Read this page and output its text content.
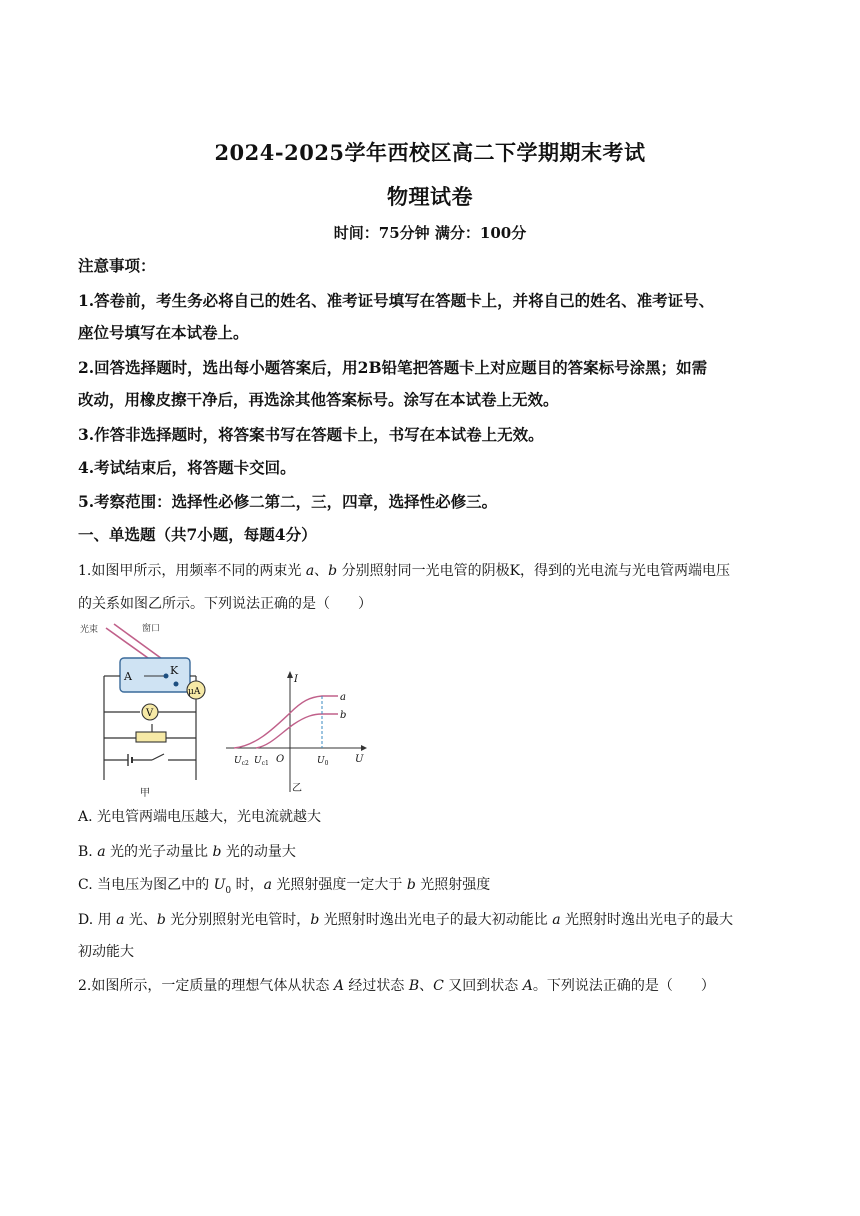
2024-2025学年西校区高二下学期期末考试
物理试卷
时间：75分钟 满分：100分
注意事项：
1.答卷前，考生务必将自己的姓名、准考证号填写在答题卡上，并将自己的姓名、准考证号、
座位号填写在本试卷上。
2.回答选择题时，选出每小题答案后，用2B铅笔把答题卡上对应题目的答案标号涂黑；如需
改动，用橡皮擦干净后，再选涂其他答案标号。涂写在本试卷上无效。
3.作答非选择题时，将答案书写在答题卡上，书写在本试卷上无效。
4.考试结束后，将答题卡交回。
5.考察范围：选择性必修二第二，三，四章，选择性必修三。
一、单选题（共7小题，每题4分）
1.如图甲所示，用频率不同的两束光 a、b 分别照射同一光电管的阴极K，得到的光电流与光电管两端电压
的关系如图乙所示。下列说法正确的是（　　）
光束	窗口
A	K
μA
V
甲
I
U
O
a
b
$U_{c2}$ $U_{c1}$	$U_0$
乙
A. 光电管两端电压越大，光电流就越大
B. a 光的光子动量比 b 光的动量大
C. 当电压为图乙中的 $U_0$ 时，a 光照射强度一定大于 b 光照射强度
D. 用 a 光、b 光分别照射光电管时，b 光照射时逸出光电子的最大初动能比 a 光照射时逸出光电子的最大
初动能大
2.如图所示，一定质量的理想气体从状态 A 经过状态 B、C 又回到状态 A。下列说法正确的是（　　）
